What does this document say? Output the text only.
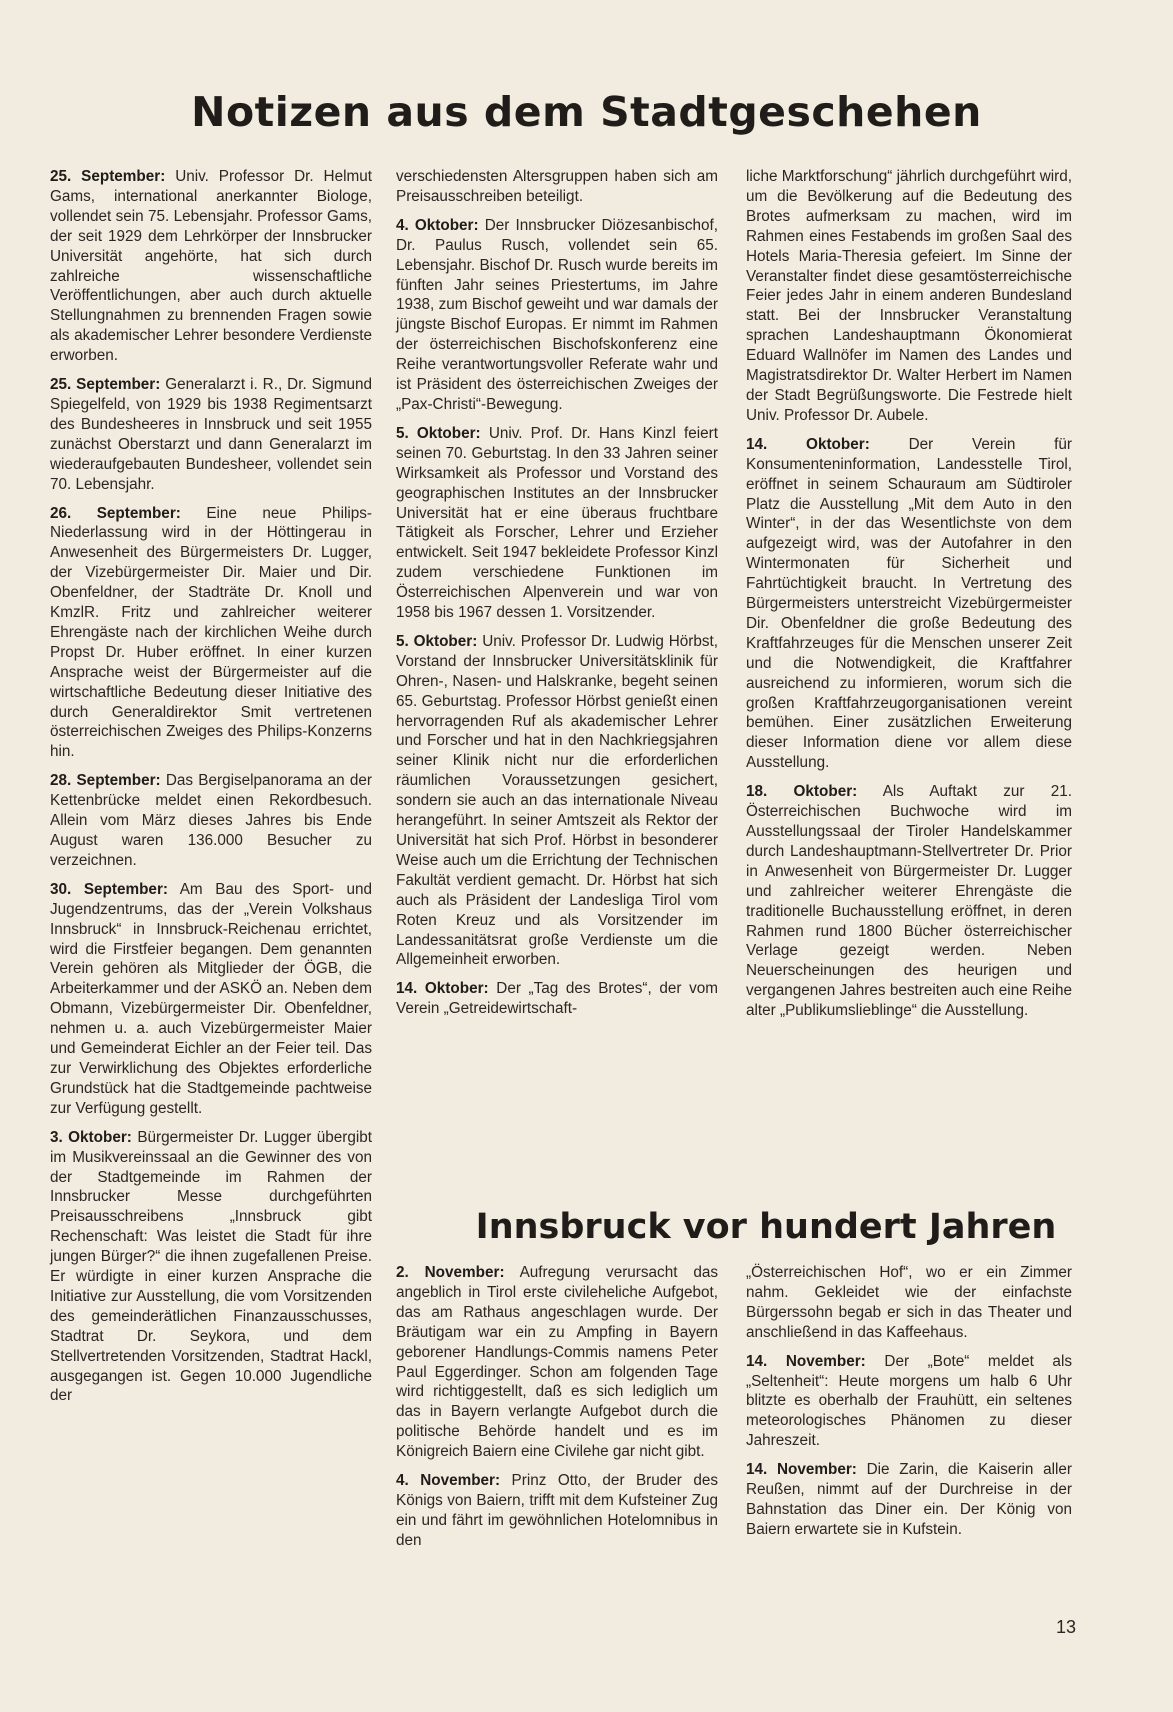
Notizen aus dem Stadtgeschehen

25. September: Univ. Professor Dr. Helmut Gams, international anerkannter Biologe, vollendet sein 75. Lebensjahr. Professor Gams, der seit 1929 dem Lehrkörper der Innsbrucker Universität angehörte, hat sich durch zahlreiche wissenschaftliche Veröffentlichungen, aber auch durch aktuelle Stellungnahmen zu brennenden Fragen sowie als akademischer Lehrer besondere Verdienste erworben.

25. September: Generalarzt i. R., Dr. Sigmund Spiegelfeld, von 1929 bis 1938 Regimentsarzt des Bundesheeres in Innsbruck und seit 1955 zunächst Oberstarzt und dann Generalarzt im wiederaufgebauten Bundesheer, vollendet sein 70. Lebensjahr.

26. September: Eine neue Philips-Niederlassung wird in der Höttingerau in Anwesenheit des Bürgermeisters Dr. Lugger, der Vizebürgermeister Dir. Maier und Dir. Obenfeldner, der Stadträte Dr. Knoll und KmzlR. Fritz und zahlreicher weiterer Ehrengäste nach der kirchlichen Weihe durch Propst Dr. Huber eröffnet. In einer kurzen Ansprache weist der Bürgermeister auf die wirtschaftliche Bedeutung dieser Initiative des durch Generaldirektor Smit vertretenen österreichischen Zweiges des Philips-Konzerns hin.

28. September: Das Bergiselpanorama an der Kettenbrücke meldet einen Rekordbesuch. Allein vom März dieses Jahres bis Ende August waren 136.000 Besucher zu verzeichnen.

30. September: Am Bau des Sport- und Jugendzentrums, das der „Verein Volkshaus Innsbruck“ in Innsbruck-Reichenau errichtet, wird die Firstfeier begangen. Dem genannten Verein gehören als Mitglieder der ÖGB, die Arbeiterkammer und der ASKÖ an. Neben dem Obmann, Vizebürgermeister Dir. Obenfeldner, nehmen u. a. auch Vizebürgermeister Maier und Gemeinderat Eichler an der Feier teil. Das zur Verwirklichung des Objektes erforderliche Grundstück hat die Stadtgemeinde pachtweise zur Verfügung gestellt.

3. Oktober: Bürgermeister Dr. Lugger übergibt im Musikvereinssaal an die Gewinner des von der Stadtgemeinde im Rahmen der Innsbrucker Messe durchgeführten Preisausschreibens „Innsbruck gibt Rechenschaft: Was leistet die Stadt für ihre jungen Bürger?“ die ihnen zugefallenen Preise. Er würdigte in einer kurzen Ansprache die Initiative zur Ausstellung, die vom Vorsitzenden des gemeinderätlichen Finanzausschusses, Stadtrat Dr. Seykora, und dem Stellvertretenden Vorsitzenden, Stadtrat Hackl, ausgegangen ist. Gegen 10.000 Jugendliche der

verschiedensten Altersgruppen haben sich am Preisausschreiben beteiligt.

4. Oktober: Der Innsbrucker Diözesanbischof, Dr. Paulus Rusch, vollendet sein 65. Lebensjahr. Bischof Dr. Rusch wurde bereits im fünften Jahr seines Priestertums, im Jahre 1938, zum Bischof geweiht und war damals der jüngste Bischof Europas. Er nimmt im Rahmen der österreichischen Bischofskonferenz eine Reihe verantwortungsvoller Referate wahr und ist Präsident des österreichischen Zweiges der „Pax-Christi“-Bewegung.

5. Oktober: Univ. Prof. Dr. Hans Kinzl feiert seinen 70. Geburtstag. In den 33 Jahren seiner Wirksamkeit als Professor und Vorstand des geographischen Institutes an der Innsbrucker Universität hat er eine überaus fruchtbare Tätigkeit als Forscher, Lehrer und Erzieher entwickelt. Seit 1947 bekleidete Professor Kinzl zudem verschiedene Funktionen im Österreichischen Alpenverein und war von 1958 bis 1967 dessen 1. Vorsitzender.

5. Oktober: Univ. Professor Dr. Ludwig Hörbst, Vorstand der Innsbrucker Universitätsklinik für Ohren-, Nasen- und Halskranke, begeht seinen 65. Geburtstag. Professor Hörbst genießt einen hervorragenden Ruf als akademischer Lehrer und Forscher und hat in den Nachkriegsjahren seiner Klinik nicht nur die erforderlichen räumlichen Voraussetzungen gesichert, sondern sie auch an das internationale Niveau herangeführt. In seiner Amtszeit als Rektor der Universität hat sich Prof. Hörbst in besonderer Weise auch um die Errichtung der Technischen Fakultät verdient gemacht. Dr. Hörbst hat sich auch als Präsident der Landesliga Tirol vom Roten Kreuz und als Vorsitzender im Landessanitätsrat große Verdienste um die Allgemeinheit erworben.

14. Oktober: Der „Tag des Brotes“, der vom Verein „Getreidewirtschaft-

liche Marktforschung“ jährlich durchgeführt wird, um die Bevölkerung auf die Bedeutung des Brotes aufmerksam zu machen, wird im Rahmen eines Festabends im großen Saal des Hotels Maria-Theresia gefeiert. Im Sinne der Veranstalter findet diese gesamtösterreichische Feier jedes Jahr in einem anderen Bundesland statt. Bei der Innsbrucker Veranstaltung sprachen Landeshauptmann Ökonomierat Eduard Wallnöfer im Namen des Landes und Magistratsdirektor Dr. Walter Herbert im Namen der Stadt Begrüßungsworte. Die Festrede hielt Univ. Professor Dr. Aubele.

14. Oktober:	Der Verein für Konsumenteninformation, Landesstelle Tirol, eröffnet in seinem Schauraum am Südtiroler Platz die Ausstellung „Mit dem Auto in den Winter“, in der das Wesentlichste von dem aufgezeigt wird, was der Autofahrer in den Wintermonaten für Sicherheit und Fahrtüchtigkeit braucht. In Vertretung des Bürgermeisters unterstreicht Vizebürgermeister Dir. Obenfeldner die große Bedeutung des Kraftfahrzeuges für die Menschen unserer Zeit und die Notwendigkeit, die Kraftfahrer ausreichend zu informieren, worum sich die großen Kraftfahrzeugorganisationen vereint bemühen. Einer zusätzlichen Erweiterung dieser Information diene vor allem diese Ausstellung.

18. Oktober: Als Auftakt zur 21. Österreichischen Buchwoche wird im Ausstellungssaal der Tiroler Handelskammer durch Landeshauptmann-Stellvertreter Dr. Prior in Anwesenheit von Bürgermeister Dr. Lugger und zahlreicher weiterer Ehrengäste die traditionelle Buchausstellung eröffnet, in deren Rahmen rund 1800 Bücher österreichischer Verlage gezeigt werden. Neben Neuerscheinungen des heurigen und vergangenen Jahres bestreiten auch eine Reihe alter „Publikumslieblinge“ die Ausstellung.

Innsbruck vor hundert Jahren

2. November: Aufregung verursacht das angeblich in Tirol erste civileheliche Aufgebot, das am Rathaus angeschlagen wurde. Der Bräutigam war ein zu Ampfing in Bayern geborener Handlungs-Commis namens Peter Paul Eggerdinger. Schon am folgenden Tage wird richtiggestellt, daß es sich lediglich um das in Bayern verlangte Aufgebot durch die politische Behörde handelt und es im Königreich Baiern eine Civilehe gar nicht gibt.

4. November: Prinz Otto, der Bruder des Königs von Baiern, trifft mit dem Kufsteiner Zug ein und fährt im gewöhnlichen Hotelomnibus in den

„Österreichischen Hof“, wo er ein Zimmer nahm. Gekleidet wie der einfachste Bürgerssohn begab er sich in das Theater und anschließend in das Kaffeehaus.

14. November: Der „Bote“ meldet als „Seltenheit“: Heute morgens um halb 6 Uhr blitzte es oberhalb der Frauhütt, ein seltenes meteorologisches Phänomen zu dieser Jahreszeit.

14. November: Die Zarin, die Kaiserin aller Reußen, nimmt auf der Durchreise in der Bahnstation das Diner ein. Der König von Baiern erwartete sie in Kufstein.

13
